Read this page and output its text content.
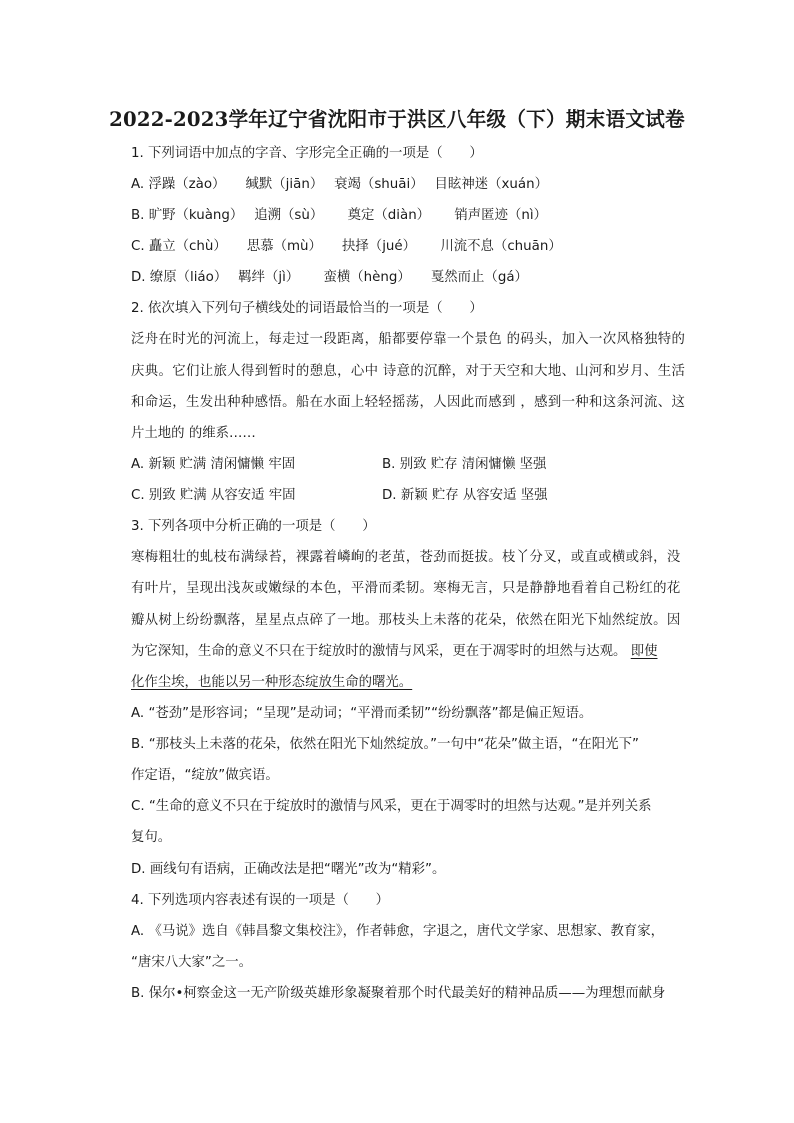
2022-2023学年辽宁省沈阳市于洪区八年级（下）期末语文试卷
1. 下列词语中加点的字音、字形完全正确的一项是（　　）
A. 浮躁（zào）　　缄默（jiān）　 衰竭（shuāi）　 目眩神迷（xuán）
B. 旷野（kuàng）　 追溯（sù）　　 奠定（diàn）　　 销声匿迹（nì）
C. 矗立（chù）　　思慕（mù）　　抉择（jué）　　 川流不息（chuān）
D. 缭原（liáo）　 羁绊（jì）　　 蛮横（hèng）　　戛然而止（gá）
2. 依次填入下列句子横线处的词语最恰当的一项是（　　）
泛舟在时光的河流上，每走过一段距离，船都要停靠一个景色 的码头，加入一次风格独特的
庆典。它们让旅人得到暂时的憩息，心中 诗意的沉醉，对于天空和大地、山河和岁月、生活
和命运，生发出种种感悟。船在水面上轻轻摇荡，人因此而感到 ，感到一种和这条河流、这
片土地的 的维系……
A. 新颖 贮满 清闲慵懒 牢固	B. 别致 贮存 清闲慵懒 坚强
C. 别致 贮满 从容安适 牢固	D. 新颖 贮存 从容安适 坚强
3. 下列各项中分析正确的一项是（　　）
寒梅粗壮的虬枝布满绿苔，裸露着嶙峋的老茧，苍劲而挺拔。枝丫分叉，或直或横或斜，没
有叶片，呈现出浅灰或嫩绿的本色，平滑而柔韧。寒梅无言，只是静静地看着自己粉红的花
瓣从树上纷纷飘落，星星点点碎了一地。那枝头上未落的花朵，依然在阳光下灿然绽放。因
为它深知，生命的意义不只在于绽放时的激情与风采，更在于凋零时的坦然与达观。 即使
化作尘埃，也能以另一种形态绽放生命的曙光。
A. “苍劲”是形容词；“呈现”是动词；“平滑而柔韧”“纷纷飘落”都是偏正短语。
B. “那枝头上未落的花朵，依然在阳光下灿然绽放。”一句中“花朵”做主语，“在阳光下”
作定语，“绽放”做宾语。
C. “生命的意义不只在于绽放时的激情与风采，更在于凋零时的坦然与达观。”是并列关系
复句。
D. 画线句有语病，正确改法是把“曙光”改为“精彩”。
4. 下列选项内容表述有误的一项是（　　）
A. 《马说》选自《韩昌黎文集校注》，作者韩愈，字退之，唐代文学家、思想家、教育家，
“唐宋八大家”之一。
B. 保尔•柯察金这一无产阶级英雄形象凝聚着那个时代最美好的精神品质——为理想而献身
